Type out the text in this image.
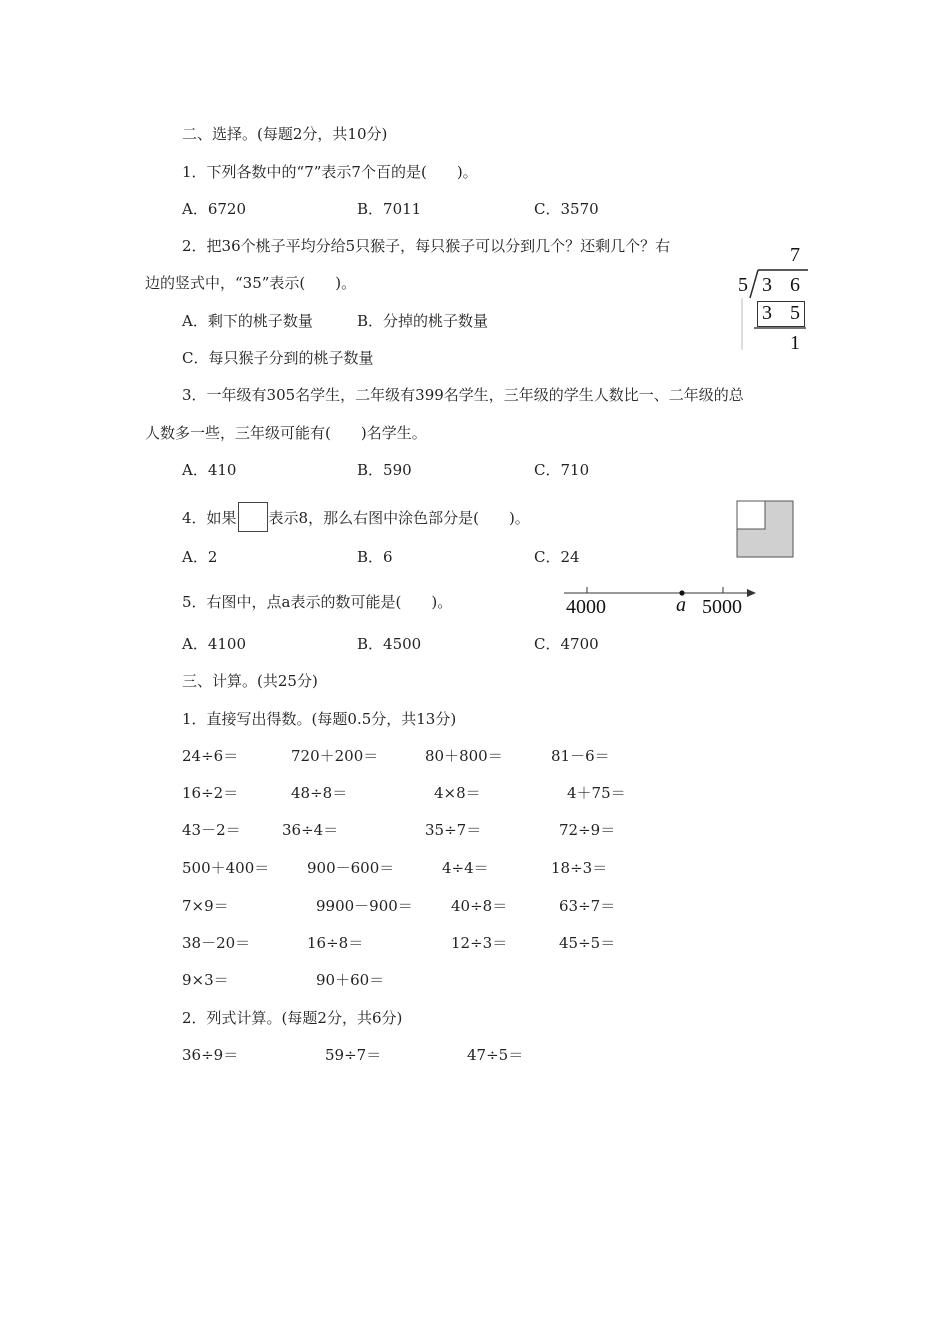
二、选择。(每题2分，共10分)
1．下列各数中的“7”表示7个百的是(　　)。
A．6720	B．7011	C．3570
2．把36个桃子平均分给5只猴子，每只猴子可以分到几个？还剩几个？右
边的竖式中，“35”表示(　　)。
A．剩下的桃子数量	B．分掉的桃子数量
C．每只猴子分到的桃子数量
7
5 3 6
3 5
1
3．一年级有305名学生，二年级有399名学生，三年级的学生人数比一、二年级的总
人数多一些，三年级可能有(　　)名学生。
A．410	B．590	C．710
4．如果 表示8，那么右图中涂色部分是(　　)。
A．2	B．6	C．24
5．右图中，点a表示的数可能是(　　)。
A．4100	B．4500	C．4700
4000	a 5000
三、计算。(共25分)
1．直接写出得数。(每题0.5分，共13分)
24÷6＝	720＋200＝	80＋800＝	81－6＝
16÷2＝	48÷8＝	4×8＝	4＋75＝
43－2＝	36÷4＝	35÷7＝	72÷9＝
500＋400＝	900－600＝	4÷4＝	18÷3＝
7×9＝	9900－900＝	40÷8＝	63÷7＝
38－20＝	16÷8＝	12÷3＝	45÷5＝
9×3＝	90＋60＝
2．列式计算。(每题2分，共6分)
36÷9＝	59÷7＝	47÷5＝
